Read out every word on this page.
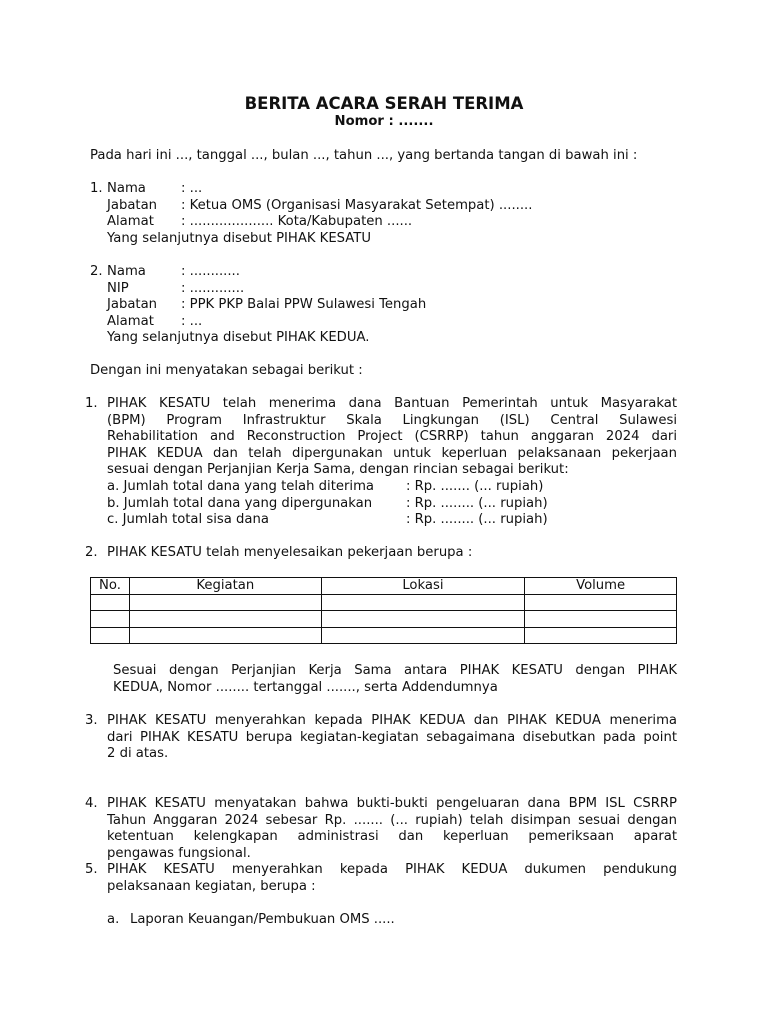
BERITA ACARA SERAH TERIMA
Nomor : .......
Pada hari ini ..., tanggal ..., bulan ..., tahun ..., yang bertanda tangan di bawah ini :
1. Nama	: ...
Jabatan : Ketua OMS (Organisasi Masyarakat Setempat) ........
Alamat : .................... Kota/Kabupaten ......
Yang selanjutnya disebut PIHAK KESATU
2. Nama	: ............
NIP	: .............
Jabatan : PPK PKP Balai PPW Sulawesi Tengah
Alamat : ...
Yang selanjutnya disebut PIHAK KEDUA.
Dengan ini menyatakan sebagai berikut :
1. PIHAK KESATU telah menerima dana Bantuan Pemerintah untuk Masyarakat
(BPM) Program Infrastruktur Skala Lingkungan (ISL) Central Sulawesi
Rehabilitation and Reconstruction Project (CSRRP) tahun anggaran 2024 dari
PIHAK KEDUA dan telah dipergunakan untuk keperluan pelaksanaan pekerjaan
sesuai dengan Perjanjian Kerja Sama, dengan rincian sebagai berikut:
a. Jumlah total dana yang telah diterima : Rp. ....... (... rupiah)
b. Jumlah total dana yang dipergunakan	: Rp. ........ (... rupiah)
c. Jumlah total sisa dana	: Rp. ........ (... rupiah)
2. PIHAK KESATU telah menyelesaikan pekerjaan berupa :
No.	Kegiatan	Lokasi	Volume

Sesuai dengan Perjanjian Kerja Sama antara PIHAK KESATU dengan PIHAK
KEDUA, Nomor ........ tertanggal ......., serta Addendumnya
3. PIHAK KESATU menyerahkan kepada PIHAK KEDUA dan PIHAK KEDUA menerima
dari PIHAK KESATU berupa kegiatan-kegiatan sebagaimana disebutkan pada point
2 di atas.
4. PIHAK KESATU menyatakan bahwa bukti-bukti pengeluaran dana BPM ISL CSRRP
Tahun Anggaran 2024 sebesar Rp. ....... (... rupiah) telah disimpan sesuai dengan
ketentuan kelengkapan administrasi dan keperluan pemeriksaan aparat
pengawas fungsional.
5. PIHAK KESATU menyerahkan kepada PIHAK KEDUA dukumen pendukung
pelaksanaan kegiatan, berupa :
a. Laporan Keuangan/Pembukuan OMS .....
